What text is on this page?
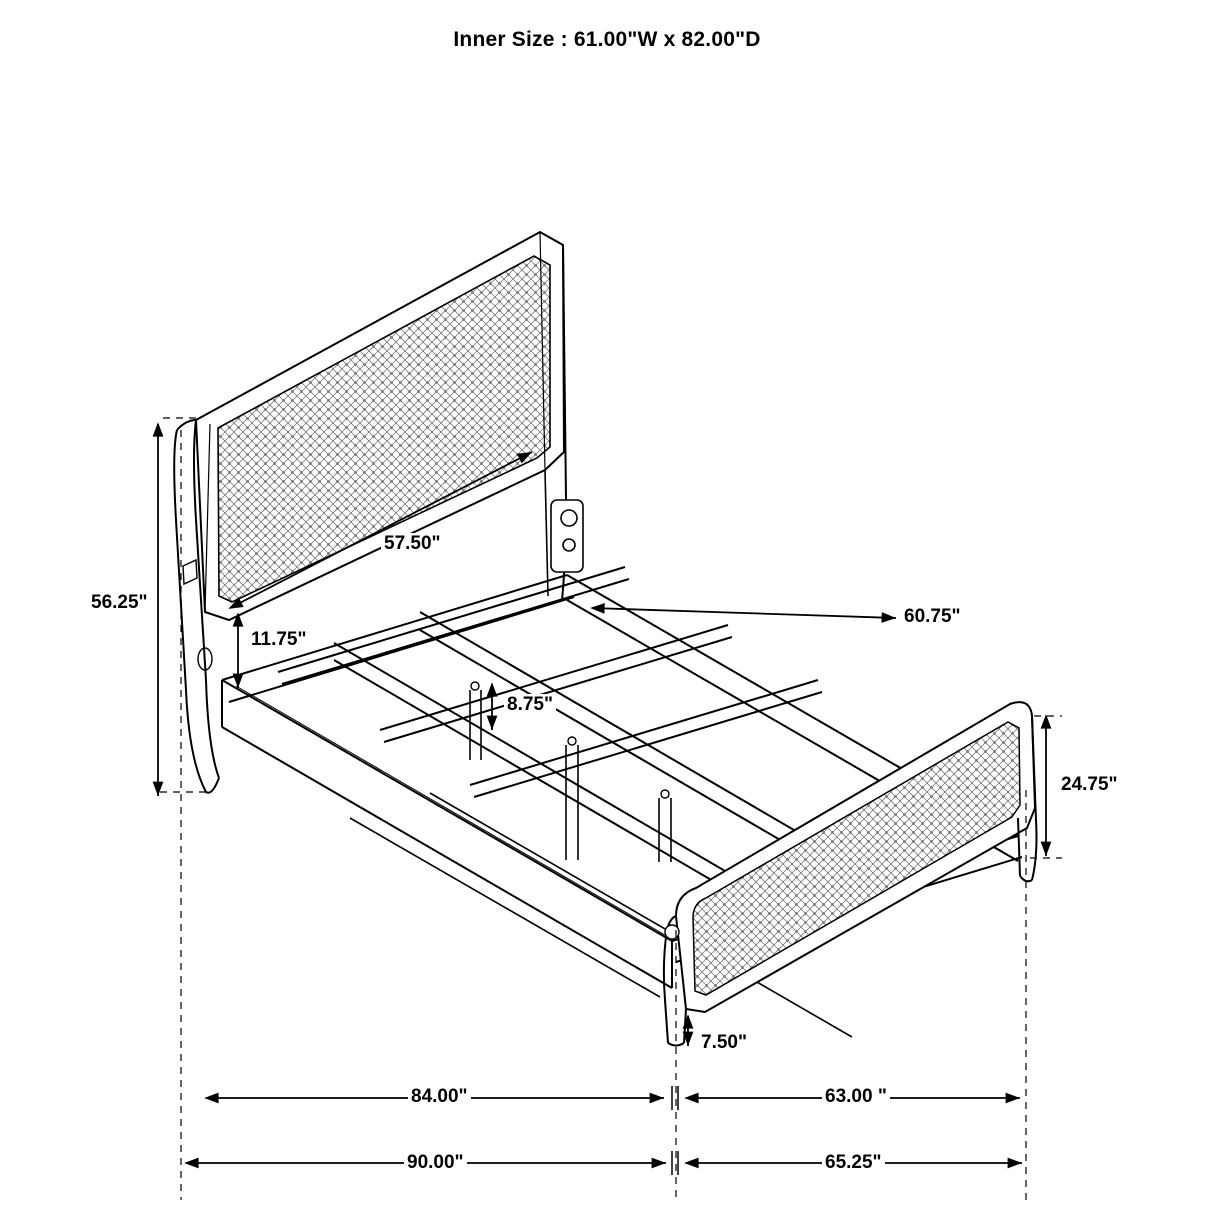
Inner Size : 61.00"W x 82.00"D
56.25"
57.50"
11.75"
8.75"
60.75"
24.75"
7.50"
84.00"	63.00 "
90.00"	65.25"
